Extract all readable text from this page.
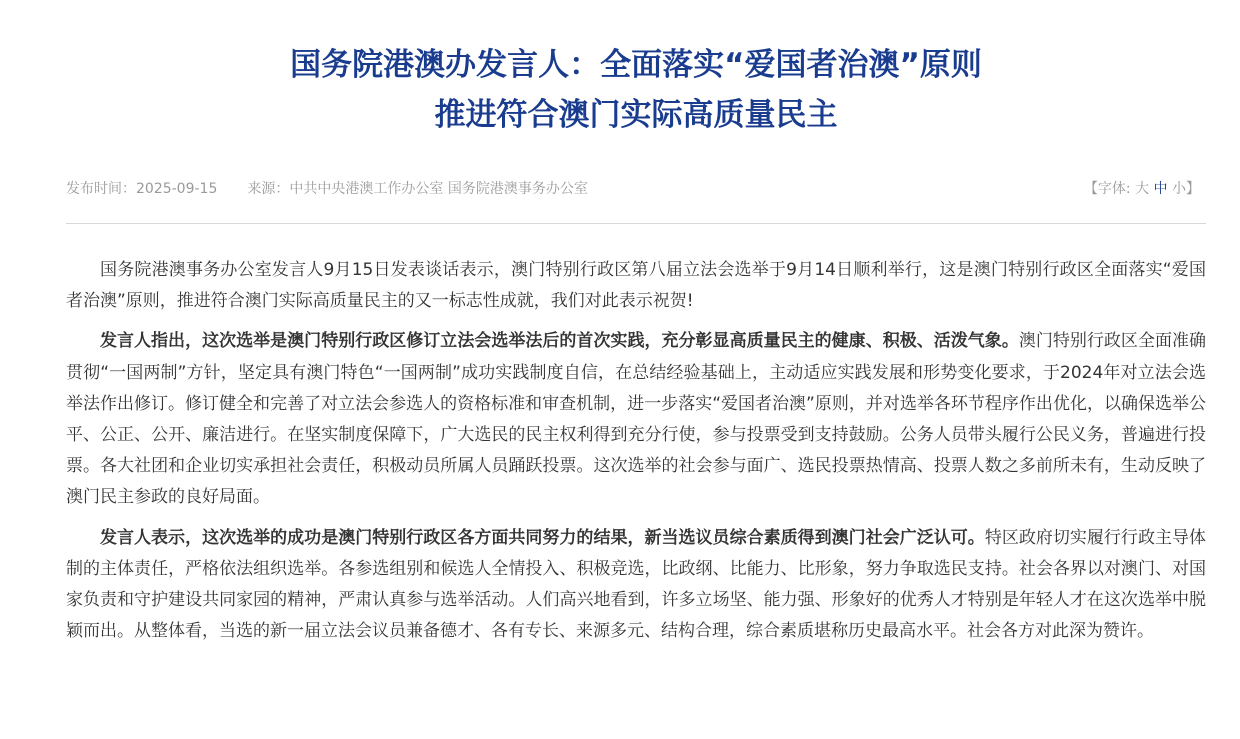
国务院港澳办发言人：全面落实“爱国者治澳”原则
推进符合澳门实际高质量民主
发布时间：2025-09-15 来源：中共中央港澳工作办公室 国务院港澳事务办公室	【字体: 大 中 小】

国务院港澳事务办公室发言人9月15日发表谈话表示，澳门特别行政区第八届立法会选举于9月14日顺利举行，这是澳门特别行政区全面落实“爱国者治澳”原则，推进符合澳门实际高质量民主的又一标志性成就，我们对此表示祝贺!

发言人指出，这次选举是澳门特别行政区修订立法会选举法后的首次实践，充分彰显高质量民主的健康、积极、活泼气象。澳门特别行政区全面准确贯彻“一国两制”方针，坚定具有澳门特色“一国两制”成功实践制度自信，在总结经验基础上，主动适应实践发展和形势变化要求，于2024年对立法会选举法作出修订。修订健全和完善了对立法会参选人的资格标准和审查机制，进一步落实“爱国者治澳”原则，并对选举各环节程序作出优化，以确保选举公平、公正、公开、廉洁进行。在坚实制度保障下，广大选民的民主权利得到充分行使，参与投票受到支持鼓励。公务人员带头履行公民义务，普遍进行投票。各大社团和企业切实承担社会责任，积极动员所属人员踊跃投票。这次选举的社会参与面广、选民投票热情高、投票人数之多前所未有，生动反映了澳门民主参政的良好局面。

发言人表示，这次选举的成功是澳门特别行政区各方面共同努力的结果，新当选议员综合素质得到澳门社会广泛认可。特区政府切实履行行政主导体制的主体责任，严格依法组织选举。各参选组别和候选人全情投入、积极竞选，比政纲、比能力、比形象，努力争取选民支持。社会各界以对澳门、对国家负责和守护建设共同家园的精神，严肃认真参与选举活动。人们高兴地看到，许多立场坚、能力强、形象好的优秀人才特别是年轻人才在这次选举中脱颖而出。从整体看，当选的新一届立法会议员兼备德才、各有专长、来源多元、结构合理，综合素质堪称历史最高水平。社会各方对此深为赞许。
